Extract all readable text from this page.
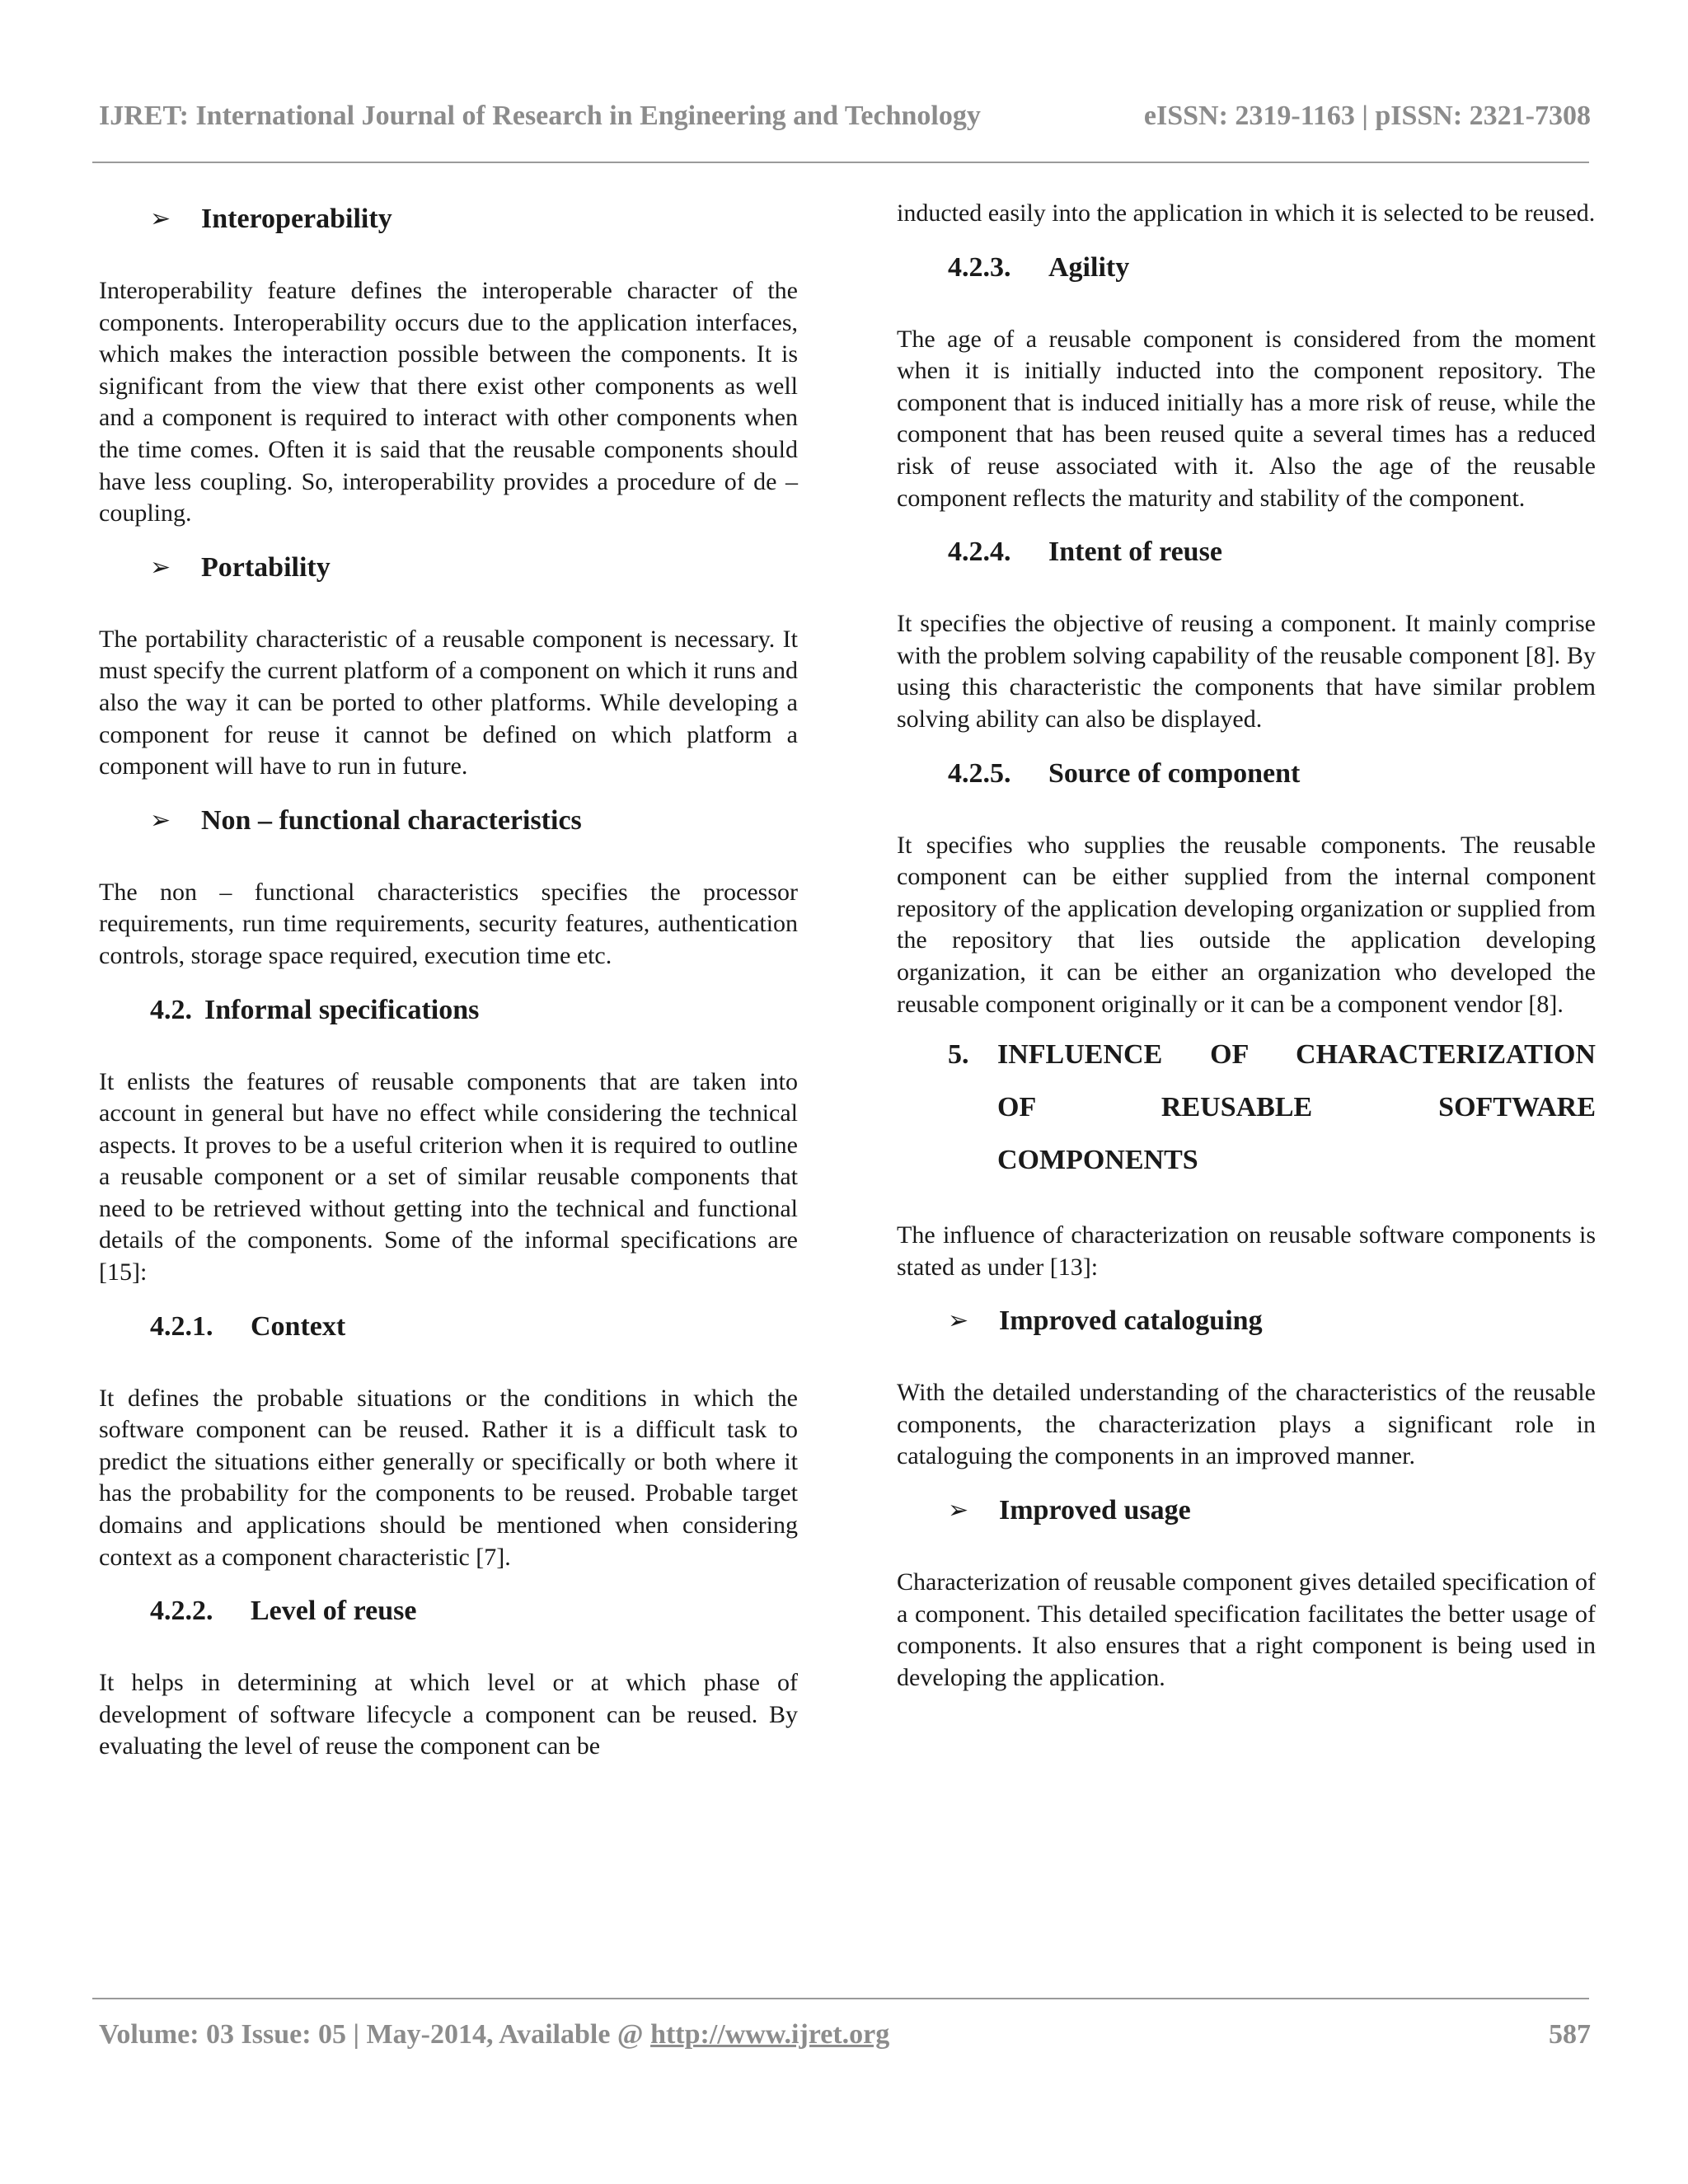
IJRET: International Journal of Research in Engineering and Technology	eISSN: 2319-1163 | pISSN: 2321-7308
➢ Interoperability

Interoperability feature defines the interoperable character of the components. Interoperability occurs due to the application interfaces, which makes the interaction possible between the components. It is significant from the view that there exist other components as well and a component is required to interact with other components when the time comes. Often it is said that the reusable components should have less coupling. So, interoperability provides a procedure of de – coupling.

➢ Portability

The portability characteristic of a reusable component is necessary. It must specify the current platform of a component on which it runs and also the way it can be ported to other platforms. While developing a component for reuse it cannot be defined on which platform a component will have to run in future.

➢ Non – functional characteristics

The non – functional characteristics specifies the processor requirements, run time requirements, security features, authentication controls, storage space required, execution time etc.

4.2. Informal specifications

It enlists the features of reusable components that are taken into account in general but have no effect while considering the technical aspects. It proves to be a useful criterion when it is required to outline a reusable component or a set of similar reusable components that need to be retrieved without getting into the technical and functional details of the components. Some of the informal specifications are [15]:

4.2.1. Context

It defines the probable situations or the conditions in which the software component can be reused. Rather it is a difficult task to predict the situations either generally or specifically or both where it has the probability for the components to be reused. Probable target domains and applications should be mentioned when considering context as a component characteristic [7].

4.2.2. Level of reuse

It helps in determining at which level or at which phase of development of software lifecycle a component can be reused. By evaluating the level of reuse the component can be

inducted easily into the application in which it is selected to be reused.

4.2.3. Agility

The age of a reusable component is considered from the moment when it is initially inducted into the component repository. The component that is induced initially has a more risk of reuse, while the component that has been reused quite a several times has a reduced risk of reuse associated with it. Also the age of the reusable component reflects the maturity and stability of the component.

4.2.4. Intent of reuse

It specifies the objective of reusing a component. It mainly comprise with the problem solving capability of the reusable component [8]. By using this characteristic the components that have similar problem solving ability can also be displayed.

4.2.5. Source of component

It specifies who supplies the reusable components. The reusable component can be either supplied from the internal component repository of the application developing organization or supplied from the repository that lies outside the application developing organization, it can be either an organization who developed the reusable component originally or it can be a component vendor [8].

5. INFLUENCE OF CHARACTERIZATION
OF REUSABLE SOFTWARE
COMPONENTS

The influence of characterization on reusable software components is stated as under [13]:

➢ Improved cataloguing

With the detailed understanding of the characteristics of the reusable components, the characterization plays a significant role in cataloguing the components in an improved manner.

➢ Improved usage

Characterization of reusable component gives detailed specification of a component. This detailed specification facilitates the better usage of components. It also ensures that a right component is being used in developing the application.

Volume: 03 Issue: 05 | May-2014, Available @ http://www.ijret.org	587
